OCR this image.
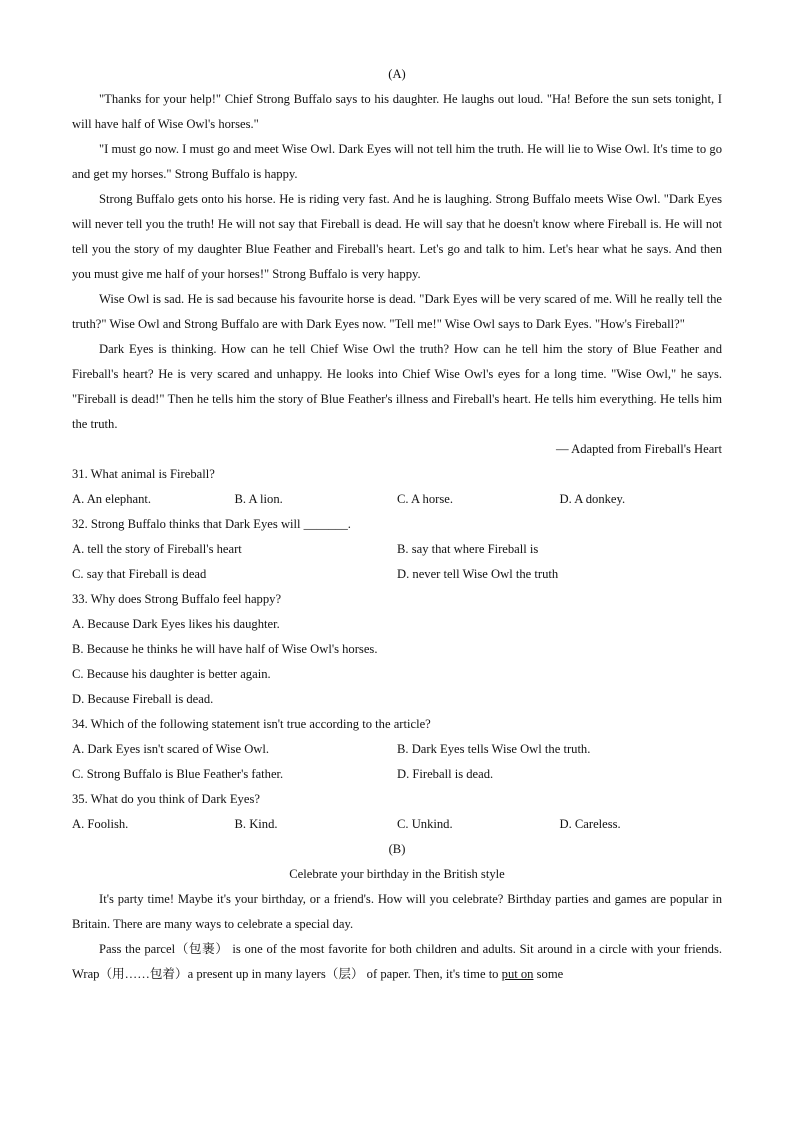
(A)

"Thanks for your help!" Chief Strong Buffalo says to his daughter. He laughs out loud. "Ha! Before the sun sets tonight, I will have half of Wise Owl's horses."

"I must go now. I must go and meet Wise Owl. Dark Eyes will not tell him the truth. He will lie to Wise Owl. It's time to go and get my horses." Strong Buffalo is happy.

Strong Buffalo gets onto his horse. He is riding very fast. And he is laughing. Strong Buffalo meets Wise Owl. "Dark Eyes will never tell you the truth! He will not say that Fireball is dead. He will say that he doesn't know where Fireball is. He will not tell you the story of my daughter Blue Feather and Fireball's heart. Let's go and talk to him. Let's hear what he says. And then you must give me half of your horses!" Strong Buffalo is very happy.

Wise Owl is sad. He is sad because his favourite horse is dead. "Dark Eyes will be very scared of me. Will he really tell the truth?" Wise Owl and Strong Buffalo are with Dark Eyes now. "Tell me!" Wise Owl says to Dark Eyes. "How's Fireball?"

Dark Eyes is thinking. How can he tell Chief Wise Owl the truth? How can he tell him the story of Blue Feather and Fireball's heart? He is very scared and unhappy. He looks into Chief Wise Owl's eyes for a long time. "Wise Owl," he says. "Fireball is dead!" Then he tells him the story of Blue Feather's illness and Fireball's heart. He tells him everything. He tells him the truth.

— Adapted from Fireball's Heart
31. What animal is Fireball?
A. An elephant.	B. A lion.	C. A horse.	D. A donkey.
32. Strong Buffalo thinks that Dark Eyes will _______.
A. tell the story of Fireball's heart	B. say that where Fireball is
C. say that Fireball is dead	D. never tell Wise Owl the truth
33. Why does Strong Buffalo feel happy?
A. Because Dark Eyes likes his daughter.
B. Because he thinks he will have half of Wise Owl's horses.
C. Because his daughter is better again.
D. Because Fireball is dead.
34. Which of the following statement isn't true according to the article?
A. Dark Eyes isn't scared of Wise Owl.	B. Dark Eyes tells Wise Owl the truth.
C. Strong Buffalo is Blue Feather's father.	D. Fireball is dead.
35. What do you think of Dark Eyes?
A. Foolish.	B. Kind.	C. Unkind.	D. Careless.
(B)
Celebrate your birthday in the British style

It's party time! Maybe it's your birthday, or a friend's. How will you celebrate? Birthday parties and games are popular in Britain. There are many ways to celebrate a special day.

Pass the parcel（包裹） is one of the most favorite for both children and adults. Sit around in a circle with your friends. Wrap（用……包着）a present up in many layers（层） of paper. Then, it's time to put on some
